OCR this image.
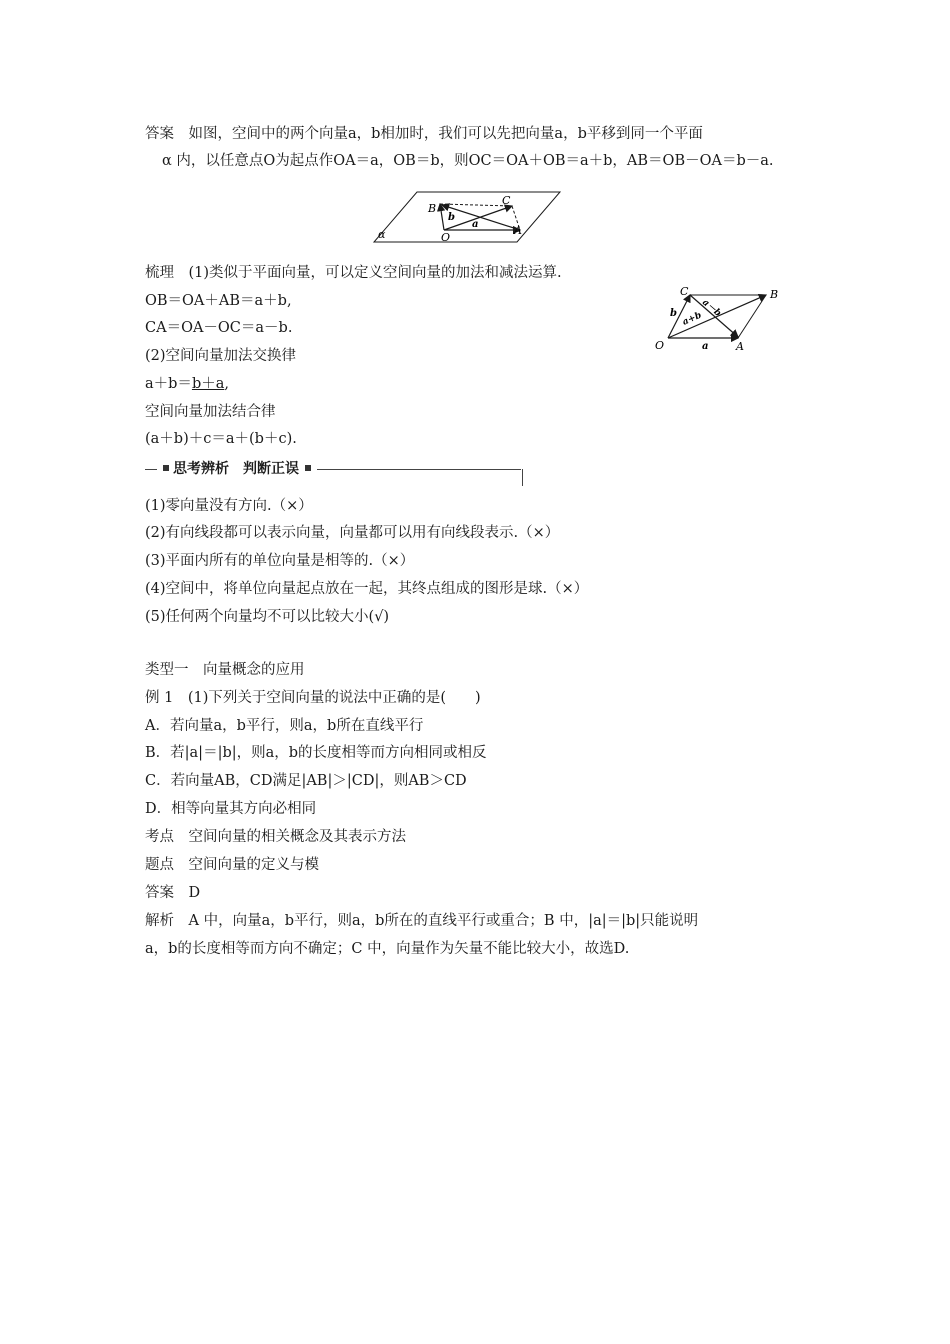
答案　 如图，空间中的两个向量a，b相加时，我们可以先把向量a，b平移到同一个平面
α 内，以任意点O为起点作OA＝a，OB＝b，则OC＝OA＋OB＝a＋b，AB＝OB－OA＝b－a.
B
C
O
A
α
a
b
梳理　 (1)类似于平面向量，可以定义空间向量的加法和减法运算.
OB＝OA＋AB＝a＋b,
CA＝OA－OC＝a－b.
(2)空间向量加法交换律
a＋b＝b＋a,
空间向量加法结合律
(a＋b)＋c＝a＋(b＋c).
C	B
O	A
a
b a+b
a－b
思考辨析　判断正误
(1)零向量没有方向.（×）
(2)有向线段都可以表示向量，向量都可以用有向线段表示.（×）
(3)平面内所有的单位向量是相等的.（×）
(4)空间中，将单位向量起点放在一起，其终点组成的图形是球.（×）
(5)任何两个向量均不可以比较大小(√)
类型一　向量概念的应用
例 1　(1)下列关于空间向量的说法中正确的是(　　)
A．若向量a，b平行，则a，b所在直线平行
B．若|a|＝|b|，则a，b的长度相等而方向相同或相反
C．若向量AB，CD满足|AB|＞|CD|，则AB＞CD
D．相等向量其方向必相同
考点　空间向量的相关概念及其表示方法
题点　空间向量的定义与模
答案　D
解析　A 中，向量a，b平行，则a，b所在的直线平行或重合；B 中，|a|＝|b|只能说明
a，b的长度相等而方向不确定；C 中，向量作为矢量不能比较大小，故选D.
